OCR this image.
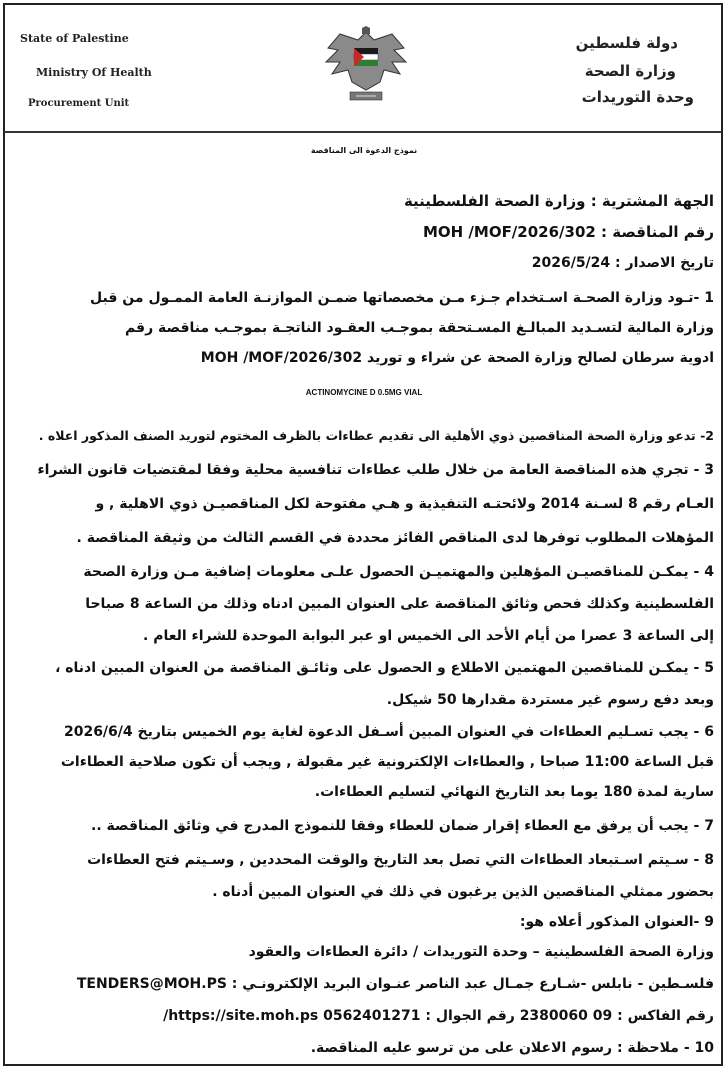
State of Palestine
Ministry Of Health
Procurement Unit
دولة فلسطين
وزارة الصحة
وحدة التوريدات
نموذج الدعوة الى المناقصة
الجهة المشترية : وزارة الصحة الفلسطينية
رقم المناقصة : MOH /MOF/2026/302
تاريخ الاصدار : 2026/5/24
1 -تـود وزارة الصحـة اسـتخدام جـزء مـن مخصصاتها ضمـن الموازنـة العامة الممـول من قبل
وزارة المالية لتسـديد المبالـغ المسـتحقة بموجـب العقـود الناتجـة بموجـب مناقصة رقم
ادوية سرطان لصالح وزارة الصحة عن شراء و توريد MOH /MOF/2026/302
ACTINOMYCINE D 0.5MG VIAL
2- تدعو وزارة الصحة المناقصين ذوي الأهلية الى تقديم عطاءات بالظرف المختوم لتوريد الصنف المذكور اعلاه .
3 - تجري هذه المناقصة العامة من خلال طلب عطاءات تنافسية محلية وفقا لمقتضيات قانون الشراء
العـام رقم 8 لسـنة 2014 ولائحتـه التنفيذية و هـي مفتوحة لكل المناقصيـن ذوي الاهلية , و
المؤهلات المطلوب توفرها لدى المناقص الفائز محددة في القسم الثالث من وثيقة المناقصة .
4 - يمكـن للمناقصيـن المؤهلين والمهتميـن الحصول علـى معلومات إضافية مـن وزارة الصحة
الفلسطينية وكذلك فحص وثائق المناقصة على العنوان المبين ادناه وذلك من الساعة 8 صباحا
إلى الساعة 3 عصرا من أيام الأحد الى الخميس او عبر البوابة الموحدة للشراء العام .
5 - يمكـن للمناقصين المهتمين الاطلاع و الحصول على وثائـق المناقصة من العنوان المبين ادناه ،
وبعد دفع رسوم غير مستردة مقدارها 50 شيكل.
6 - يجب تسـليم العطاءات في العنوان المبين أسـفل الدعوة لغاية يوم الخميس بتاريخ 2026/6/4
قبل الساعة 11:00 صباحا , والعطاءات الإلكترونية غير مقبولة , ويجب أن تكون صلاحية العطاءات
سارية لمدة 180 يوما بعد التاريخ النهائي لتسليم العطاءات.
7 - يجب أن يرفق مع العطاء إقرار ضمان للعطاء وفقا للنموذج المدرج في وثائق المناقصة ..
8 - سـيتم اسـتبعاد العطاءات التي تصل بعد التاريخ والوقت المحددين , وسـيتم فتح العطاءات
بحضور ممثلي المناقصين الذين يرغبون في ذلك في العنوان المبين أدناه .
9 -العنوان المذكور أعلاه هو:
وزارة الصحة الفلسطينية – وحدة التوريدات / دائرة العطاءات والعقود
فلسـطين - نابلس -شـارع جمـال عبد الناصر عنـوان البريد الإلكترونـي : TENDERS@MOH.PS
رقم الفاكس : 09 2380060 رقم الجوال : 0562401271 https://site.moh.ps/
10 - ملاحظة : رسوم الاعلان على من ترسو عليه المناقصة.
